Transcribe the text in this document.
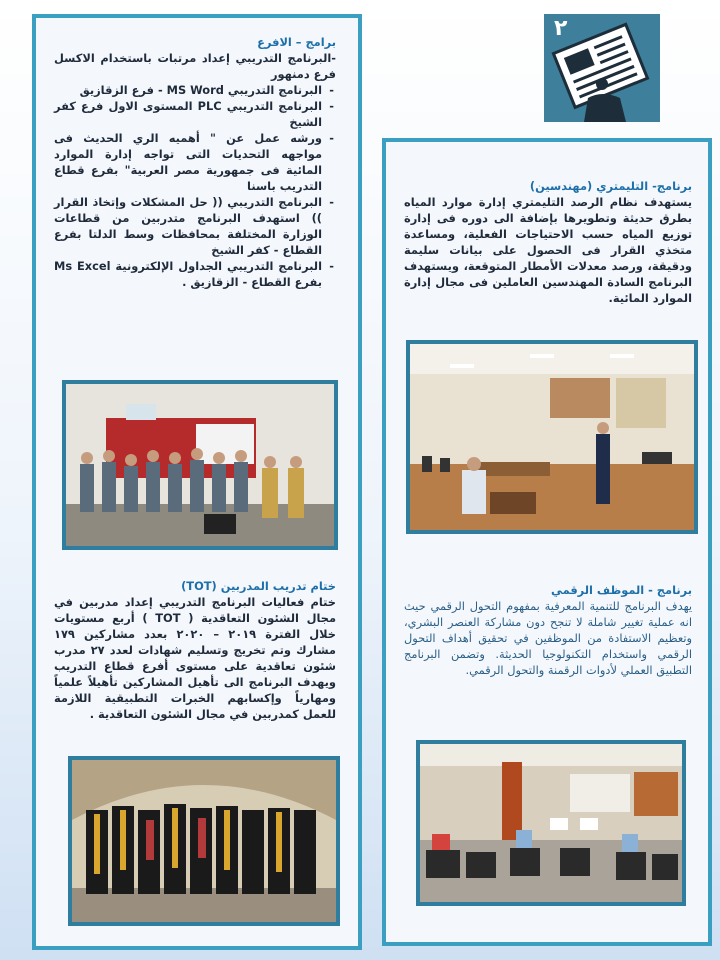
٢
برامج – الافرع
-البرنامج التدريبي إعداد مرتبات باستخدام الاكسل فرع دمنهور
- البرنامج التدريبي MS Word - فرع الزقازيق
- البرنامج التدريبي PLC المستوى الاول فرع كفر الشيخ
- ورشه عمل عن " أهميه الري الحديث فى مواجهه التحديات التى تواجه إدارة الموارد المائية فى جمهورية مصر العربية" بفرع قطاع التدريب باسنا
- البرنامج التدريبي (( حل المشكلات وإتخاذ القرار )) استهدف البرنامج متدربين من قطاعات الوزارة المختلفة بمحافظات وسط الدلتا بفرع القطاع - كفر الشيخ
- البرنامج التدريبي الجداول الإلكترونية Ms Excel بفرع القطاع - الزقازيق .
ختام تدريب المدربين (TOT)
ختام فعاليات البرنامج التدريبي إعداد مدربين في مجال الشئون التعاقدية ( TOT ) أربع مستويات خلال الفترة ٢٠١٩ – ٢٠٢٠ بعدد مشاركين ١٧٩ مشارك وتم تخريج وتسليم شهادات لعدد ٢٧ مدرب شئون تعاقدية على مستوى أفرع قطاع التدريب ويهدف البرنامج الى تأهيل المشاركين تأهيلاً علمياً ومهارياً وإكسابهم الخبرات التطبيقية اللازمة للعمل كمدربين في مجال الشئون التعاقدية .
برنامج- التليمتري (مهندسين)
يستهدف نظام الرصد التليمتري إدارة موارد المياه بطرق حديثة وتطويرها بإضافة الى دوره فى إدارة توزيع المياه حسب الاحتياجات الفعلية، ومساعدة متخذي القرار فى الحصول على بيانات سليمة ودقيقة، ورصد معدلات الأمطار المتوقعة، ويستهدف البرنامج السادة المهندسين العاملين فى مجال إدارة الموارد المائية.
برنامج - الموظف الرقمي
يهدف البرنامج للتنمية المعرفية بمفهوم التحول الرقمي حيث انه عملية تغيير شاملة لا تنجح دون مشاركة العنصر البشري، وتعظيم الاستفادة من الموظفين في تحقيق أهداف التحول الرقمي واستخدام التكنولوجيا الحديثة. وتضمن البرنامج التطبيق العملي لأدوات الرقمنة والتحول الرقمي.
